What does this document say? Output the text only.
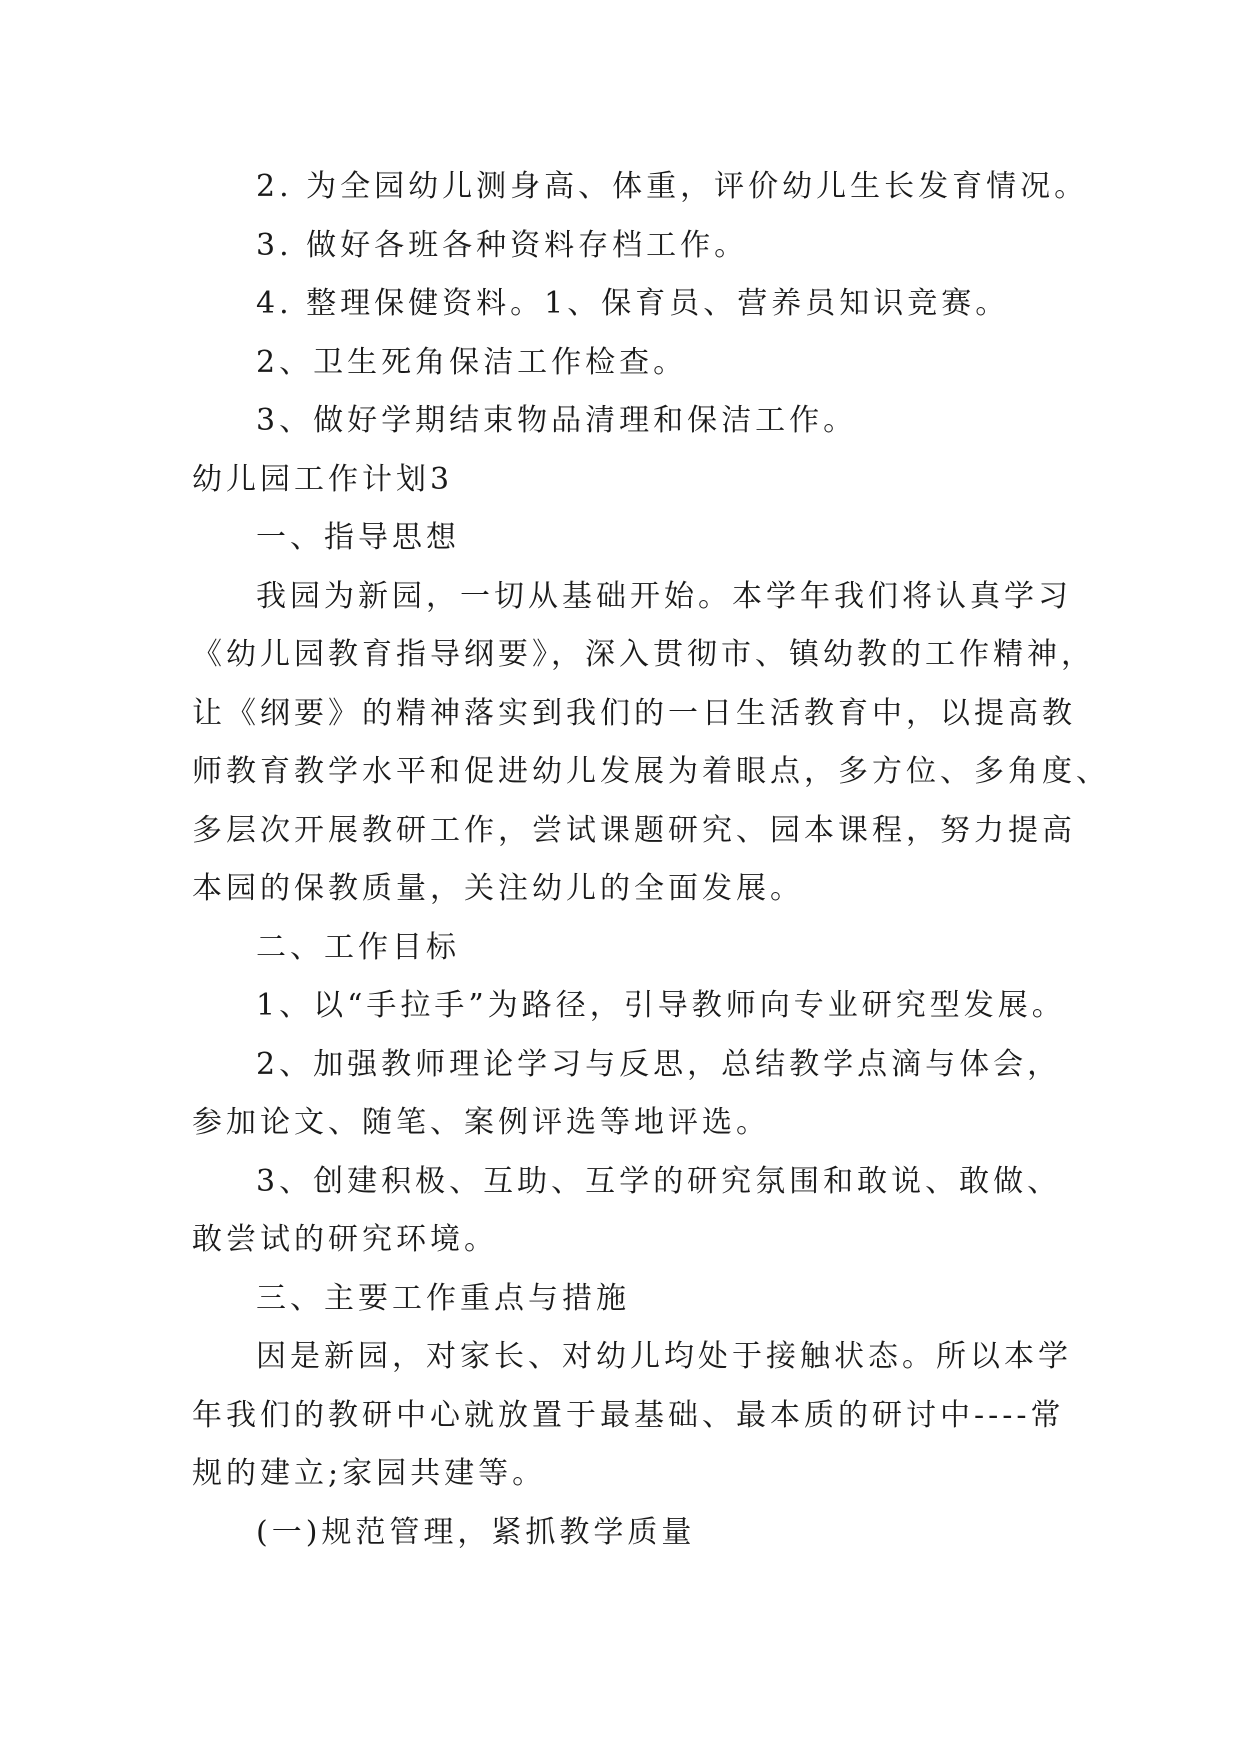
2. 为全园幼儿测身高、体重，评价幼儿生长发育情况。

3. 做好各班各种资料存档工作。

4. 整理保健资料。1、保育员、营养员知识竞赛。

2、卫生死角保洁工作检查。

3、做好学期结束物品清理和保洁工作。

幼儿园工作计划3

一、指导思想

我园为新园，一切从基础开始。本学年我们将认真学习

《幼儿园教育指导纲要》，深入贯彻市、镇幼教的工作精神，

让《纲要》的精神落实到我们的一日生活教育中，以提高教

师教育教学水平和促进幼儿发展为着眼点，多方位、多角度、

多层次开展教研工作，尝试课题研究、园本课程，努力提高

本园的保教质量，关注幼儿的全面发展。

二、工作目标

1、以“手拉手”为路径，引导教师向专业研究型发展。

2、加强教师理论学习与反思，总结教学点滴与体会，

参加论文、随笔、案例评选等地评选。

3、创建积极、互助、互学的研究氛围和敢说、敢做、

敢尝试的研究环境。

三、主要工作重点与措施

因是新园，对家长、对幼儿均处于接触状态。所以本学

年我们的教研中心就放置于最基础、最本质的研讨中----常

规的建立;家园共建等。

(一)规范管理，紧抓教学质量
